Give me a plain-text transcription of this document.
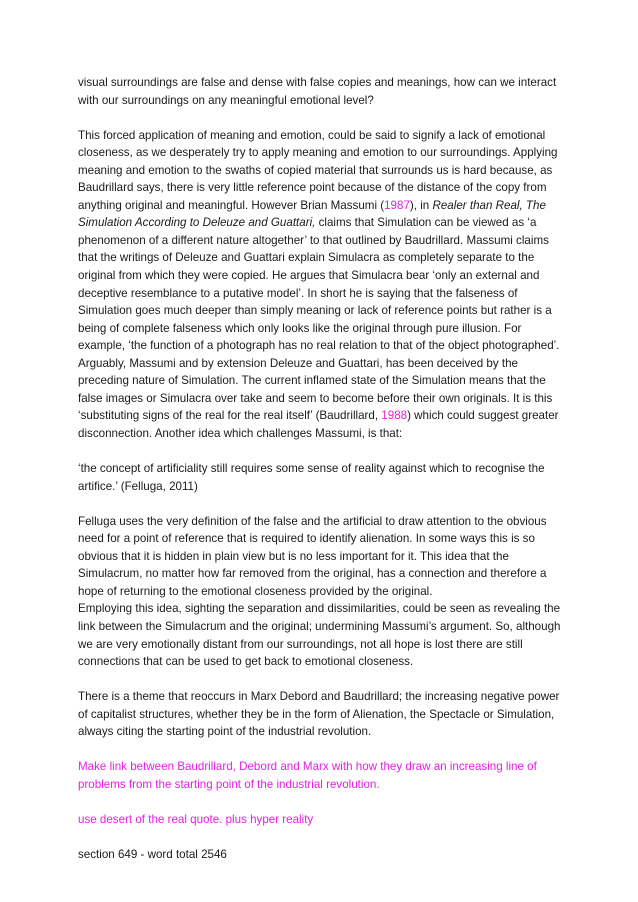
visual surroundings are false and dense with false copies and meanings, how can we interact with our surroundings on any meaningful emotional level?

This forced application of meaning and emotion, could be said to signify a lack of emotional closeness, as we desperately try to apply meaning and emotion to our surroundings. Applying meaning and emotion to the swaths of copied material that surrounds us is hard because, as Baudrillard says, there is very little reference point because of the distance of the copy from anything original and meaningful. However Brian Massumi (1987), in Realer than Real, The Simulation According to Deleuze and Guattari, claims that Simulation can be viewed as ‘a phenomenon of a different nature altogether’ to that outlined by Baudrillard. Massumi claims that the writings of Deleuze and Guattari explain Simulacra as completely separate to the original from which they were copied. He argues that Simulacra bear ‘only an external and deceptive resemblance to a putative model’. In short he is saying that the falseness of Simulation goes much deeper than simply meaning or lack of reference points but rather is a being of complete falseness which only looks like the original through pure illusion. For example, ‘the function of a photograph has no real relation to that of the object photographed’. Arguably, Massumi and by extension Deleuze and Guattari, has been deceived by the preceding nature of Simulation. The current inflamed state of the Simulation means that the false images or Simulacra over take and seem to become before their own originals. It is this ‘substituting signs of the real for the real itself’ (Baudrillard, 1988) which could suggest greater disconnection. Another idea which challenges Massumi, is that:

‘the concept of artificiality still requires some sense of reality against which to recognise the artifice.’ (Felluga, 2011)

Felluga uses the very definition of the false and the artificial to draw attention to the obvious need for a point of reference that is required to identify alienation. In some ways this is so obvious that it is hidden in plain view but is no less important for it. This idea that the Simulacrum, no matter how far removed from the original, has a connection and therefore a hope of returning to the emotional closeness provided by the original.

Employing this idea, sighting the separation and dissimilarities, could be seen as revealing the link between the Simulacrum and the original; undermining Massumi’s argument. So, although we are very emotionally distant from our surroundings, not all hope is lost there are still connections that can be used to get back to emotional closeness.

There is a theme that reoccurs in Marx Debord and Baudrillard; the increasing negative power of capitalist structures, whether they be in the form of Alienation, the Spectacle or Simulation, always citing the starting point of the industrial revolution.

Make link between Baudrillard, Debord and Marx with how they draw an increasing line of problems from the starting point of the industrial revolution.

use desert of the real quote. plus hyper reality

section 649 - word total 2546
